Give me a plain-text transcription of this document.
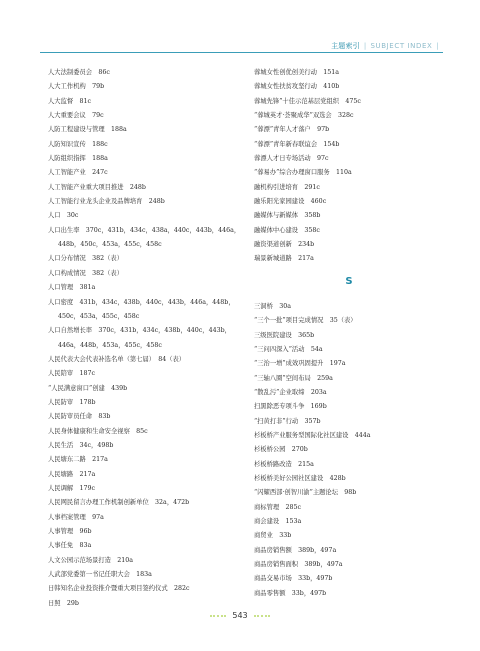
主题索引 | SUBJECT INDEX |
人大法制委员会　86c
人大工作机构　79b
人大监督　81c
人大重要会议　79c
人防工程建设与管理　188a
人防知识宣传　188c
人防组织指挥　188a
人工智能产业　247c
人工智能产业重大项目推进　248b
人工智能行业龙头企业及品牌培育　248b
人口　30c
人口出生率　370c，431b，434c，438a，440c，443b，446a，
448b，450c，453a，455c，458c
人口分布情况　382（表）
人口构成情况　382（表）
人口管理　381a
人口密度　431b，434c，438b，440c，443b，446a，448b，
450c，453a，455c，458c
人口自然增长率　370c，431b，434c，438b，440c，443b，
446a，448b，453a，455c，458c
人民代表大会代表补选名单（第七届）　84（表）
人民陪审　187c
“人民满意窗口”创建　439b
人民防审　178b
人民防审员任命　83b
人民身体健康和生命安全视察　85c
人民生活　34c，498b
人民塘东二路　217a
人民塘路　217a
人民调解　179c
人民网民留言办理工作机制创新单位　32a，472b
人事档案管理　97a
人事管理　96b
人事任免　83a
人文公园示范场景打造　210a
人武部党委第一书记任职大会　183a
日韩知名企业投资推介暨重大项目签约仪式　282c
日照　29b
蓉城女性创优创美行动　151a
蓉城女性扶贫攻坚行动　410b
蓉城先锋”十佳示范基层党组织　475c
“蓉城英才·荟聚成华”双选会　328c
“蓉漂”青年人才落户　97b
“蓉漂”青年新春联谊会　154b
蓉漂人才日专场活动　97c
“蓉易办”综合办理窗口服务　110a
融机构引进培育　291c
融乐阳光家园建设　460c
融媒体与新媒体　358b
融媒体中心建设　358c
融资渠道创新　234b
瑞景新城道路　217a
S
三洞桥　30a
“三个一批”项目完成情况　35（表）
三级医院建设　365b
“三问四深入”活动　54a
“三治一增”成效巩固提升　197a
“三轴八圈”空间布局　259a
“散乱污”企业取缔　203a
扫黑除恶专项斗争　169b
“扫黄打非”行动　357b
杉板桥产业服务型国际化社区建设　444a
杉板桥公园　270b
杉板桥路改造　215a
杉板桥美好公园社区建设　428b
“闪耀西部·创智川渝”主题论坛　98b
商标管理　285c
商会建设　153a
商贸业　33b
商品房销售额　389b，497a
商品房销售面积　389b，497a
商品交易市场　33b，497b
商品零售额　33b，497b
543
